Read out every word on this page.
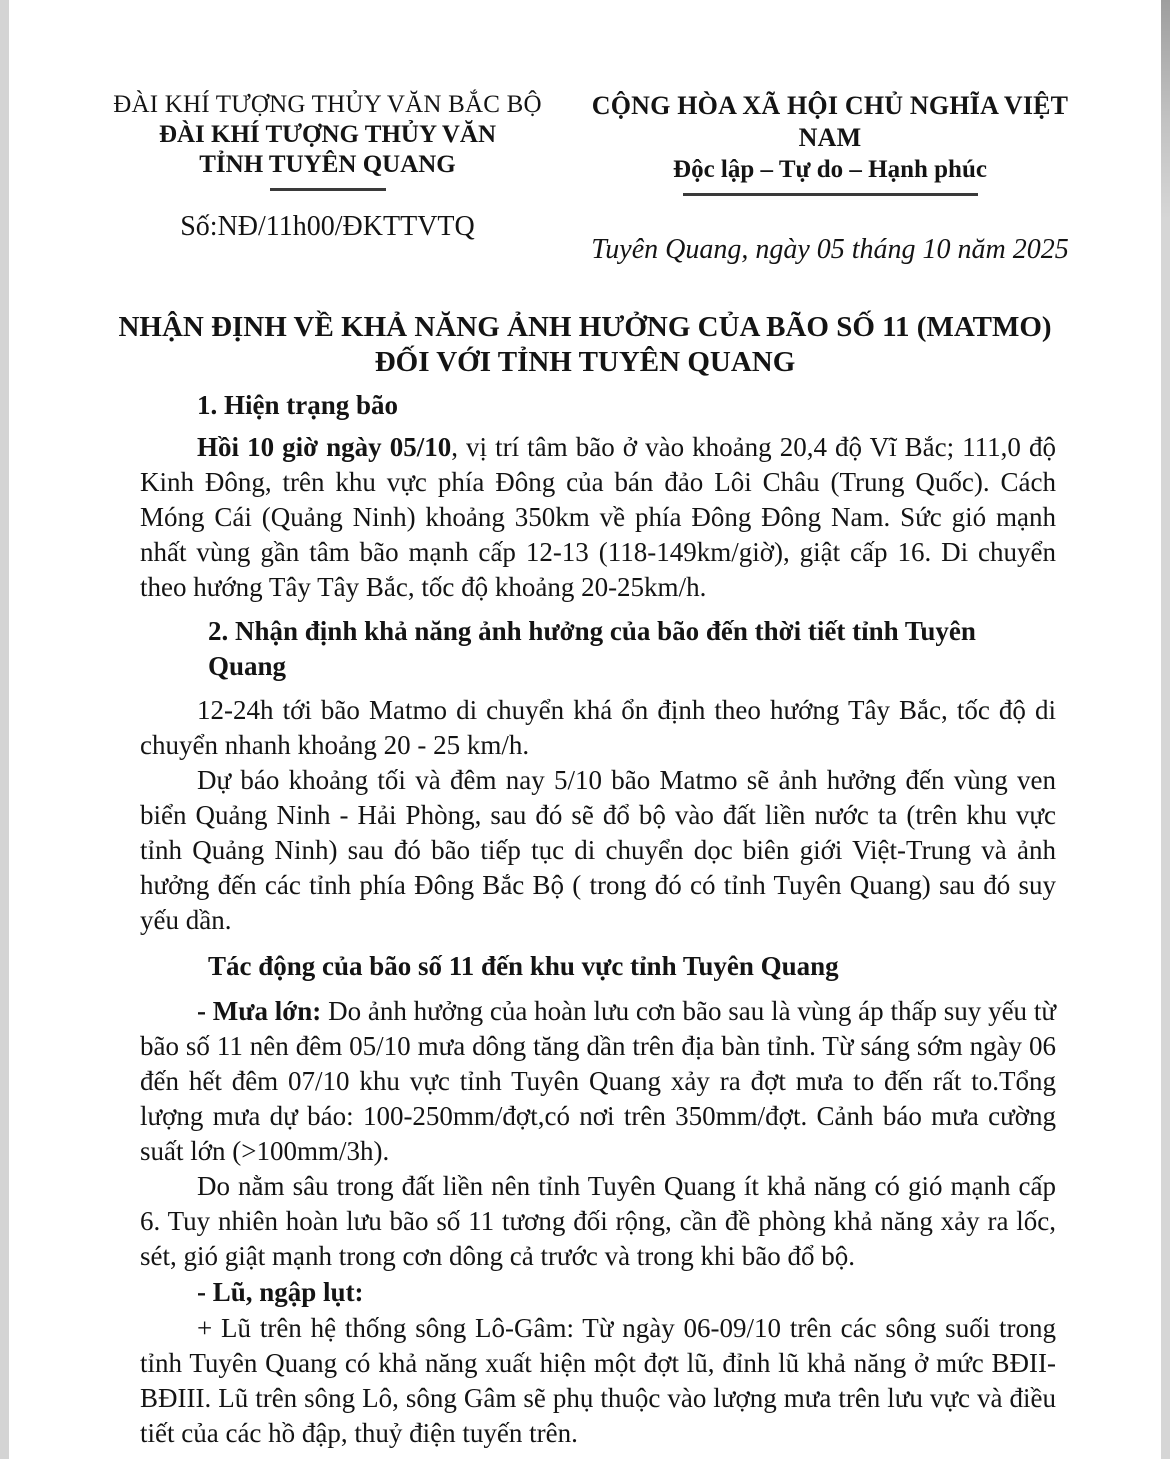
ĐÀI KHÍ TƯỢNG THỦY VĂN BẮC BỘ
ĐÀI KHÍ TƯỢNG THỦY VĂN
TỈNH TUYÊN QUANG
Số:NĐ/11h00/ĐKTTVTQ
CỘNG HÒA XÃ HỘI CHỦ NGHĨA VIỆT NAM
Độc lập – Tự do – Hạnh phúc
Tuyên Quang, ngày 05 tháng 10 năm 2025
NHẬN ĐỊNH VỀ KHẢ NĂNG ẢNH HƯỞNG CỦA BÃO SỐ 11 (MATMO)
ĐỐI VỚI TỈNH TUYÊN QUANG
1. Hiện trạng bão

Hồi 10 giờ ngày 05/10, vị trí tâm bão ở vào khoảng 20,4 độ Vĩ Bắc; 111,0 độ Kinh Đông, trên khu vực phía Đông của bán đảo Lôi Châu (Trung Quốc). Cách Móng Cái (Quảng Ninh) khoảng 350km về phía Đông Đông Nam. Sức gió mạnh nhất vùng gần tâm bão mạnh cấp 12-13 (118-149km/giờ), giật cấp 16. Di chuyển theo hướng Tây Tây Bắc, tốc độ khoảng 20-25km/h.

2. Nhận định khả năng ảnh hưởng của bão đến thời tiết tỉnh Tuyên Quang

12-24h tới bão Matmo di chuyển khá ổn định theo hướng Tây Bắc, tốc độ di chuyển nhanh khoảng 20 - 25 km/h.

Dự báo khoảng tối và đêm nay 5/10 bão Matmo sẽ ảnh hưởng đến vùng ven biển Quảng Ninh - Hải Phòng, sau đó sẽ đổ bộ vào đất liền nước ta (trên khu vực tỉnh Quảng Ninh) sau đó bão tiếp tục di chuyển dọc biên giới Việt-Trung và ảnh hưởng đến các tỉnh phía Đông Bắc Bộ ( trong đó có tỉnh Tuyên Quang) sau đó suy yếu dần.

Tác động của bão số 11 đến khu vực tỉnh Tuyên Quang

- Mưa lớn: Do ảnh hưởng của hoàn lưu cơn bão sau là vùng áp thấp suy yếu từ bão số 11 nên đêm 05/10 mưa dông tăng dần trên địa bàn tỉnh. Từ sáng sớm ngày 06 đến hết đêm 07/10 khu vực tỉnh Tuyên Quang xảy ra đợt mưa to đến rất to.Tổng lượng mưa dự báo: 100-250mm/đợt,có nơi trên 350mm/đợt. Cảnh báo mưa cường suất lớn (>100mm/3h).

Do nằm sâu trong đất liền nên tỉnh Tuyên Quang ít khả năng có gió mạnh cấp 6. Tuy nhiên hoàn lưu bão số 11 tương đối rộng, cần đề phòng khả năng xảy ra lốc, sét, gió giật mạnh trong cơn dông cả trước và trong khi bão đổ bộ.

- Lũ, ngập lụt:

+ Lũ trên hệ thống sông Lô-Gâm: Từ ngày 06-09/10 trên các sông suối trong tỉnh Tuyên Quang có khả năng xuất hiện một đợt lũ, đỉnh lũ khả năng ở mức BĐII-BĐIII. Lũ trên sông Lô, sông Gâm sẽ phụ thuộc vào lượng mưa trên lưu vực và điều tiết của các hồ đập, thuỷ điện tuyến trên.
